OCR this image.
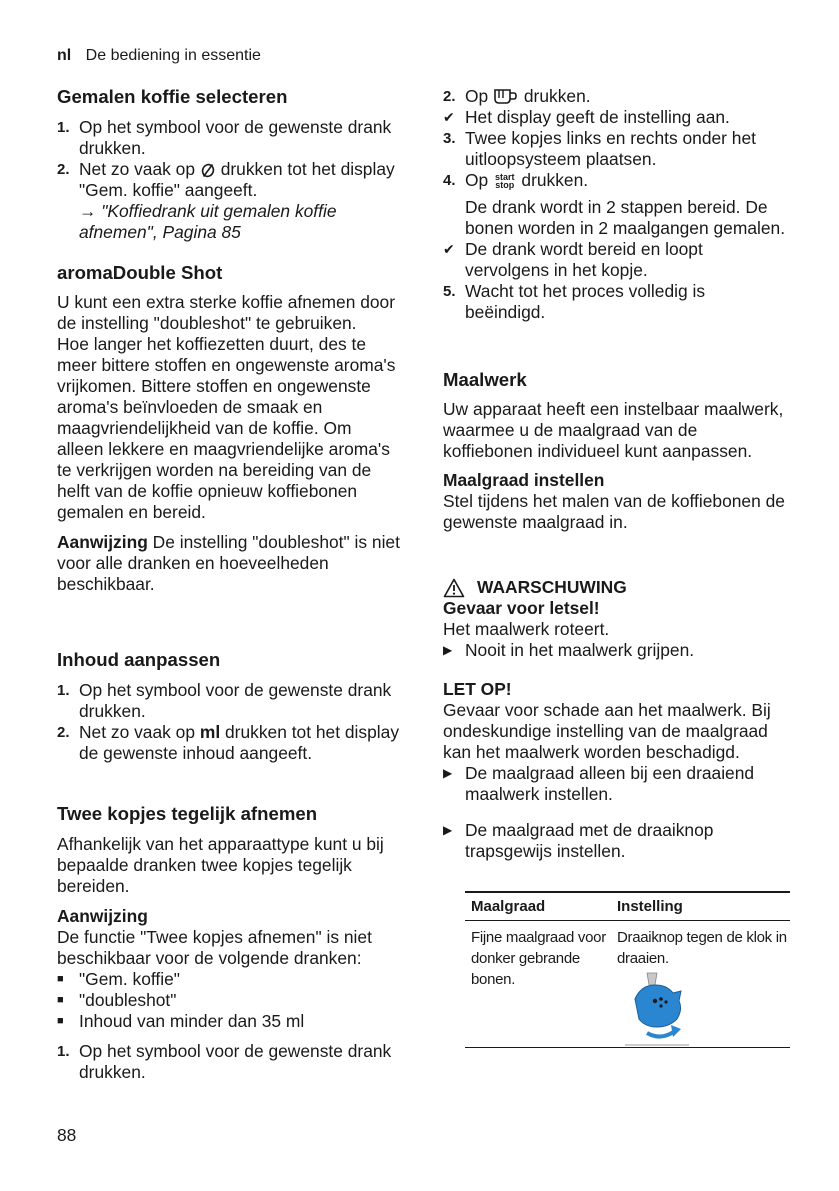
nl De bediening in essentie
Gemalen koffie selecteren
1. Op het symbool voor de gewenste drank drukken.
2. Net zo vaak op drukken tot het display "Gem. koffie" aangeeft.

→ "Koffiedrank uit gemalen koffie afnemen", Pagina 85

aromaDouble Shot

U kunt een extra sterke koffie afnemen door de instelling "doubleshot" te gebruiken.

Hoe langer het koffiezetten duurt, des te meer bittere stoffen en ongewenste aroma's vrijkomen. Bittere stoffen en ongewenste aroma's beïnvloeden de smaak en maagvriendelijkheid van de koffie. Om alleen lekkere en maagvriendelijke aroma's te verkrijgen worden na bereiding van de helft van de koffie opnieuw koffiebonen gemalen en bereid.

Aanwijzing De instelling "doubleshot" is niet voor alle dranken en hoeveelheden beschikbaar.

Inhoud aanpassen
1. Op het symbool voor de gewenste drank drukken.
2. Net zo vaak op ml drukken tot het display de gewenste inhoud aangeeft.
Twee kopjes tegelijk afnemen

Afhankelijk van het apparaattype kunt u bij bepaalde dranken twee kopjes tegelijk bereiden.

Aanwijzing

De functie "Twee kopjes afnemen" is niet beschikbaar voor de volgende dranken:

■ "Gem. koffie"
■ "doubleshot"
■ Inhoud van minder dan 35 ml
1. Op het symbool voor de gewenste drank drukken.
2. Op drukken.
✔ Het display geeft de instelling aan.
3. Twee kopjes links en rechts onder het uitloopsysteem plaatsen.
4. Op start
stop drukken.

De drank wordt in 2 stappen bereid. De bonen worden in 2 maalgangen gemalen.

✔ De drank wordt bereid en loopt vervolgens in het kopje.
5. Wacht tot het proces volledig is beëindigd.
Maalwerk

Uw apparaat heeft een instelbaar maalwerk, waarmee u de maalgraad van de koffiebonen individueel kunt aanpassen.

Maalgraad instellen

Stel tijdens het malen van de koffiebonen de gewenste maalgraad in.

WAARSCHUWING
Gevaar voor letsel!

Het maalwerk roteert.

▶ Nooit in het maalwerk grijpen.
LET OP!

Gevaar voor schade aan het maalwerk. Bij ondeskundige instelling van de maalgraad kan het maalwerk worden beschadigd.

▶ De maalgraad alleen bij een draaiend maalwerk instellen.
▶ De maalgraad met de draaiknop trapsgewijs instellen.
Maalgraad	Instelling
Fijne maalgraad voor donker gebrande bonen.
Draaiknop tegen de klok in draaien.
88
